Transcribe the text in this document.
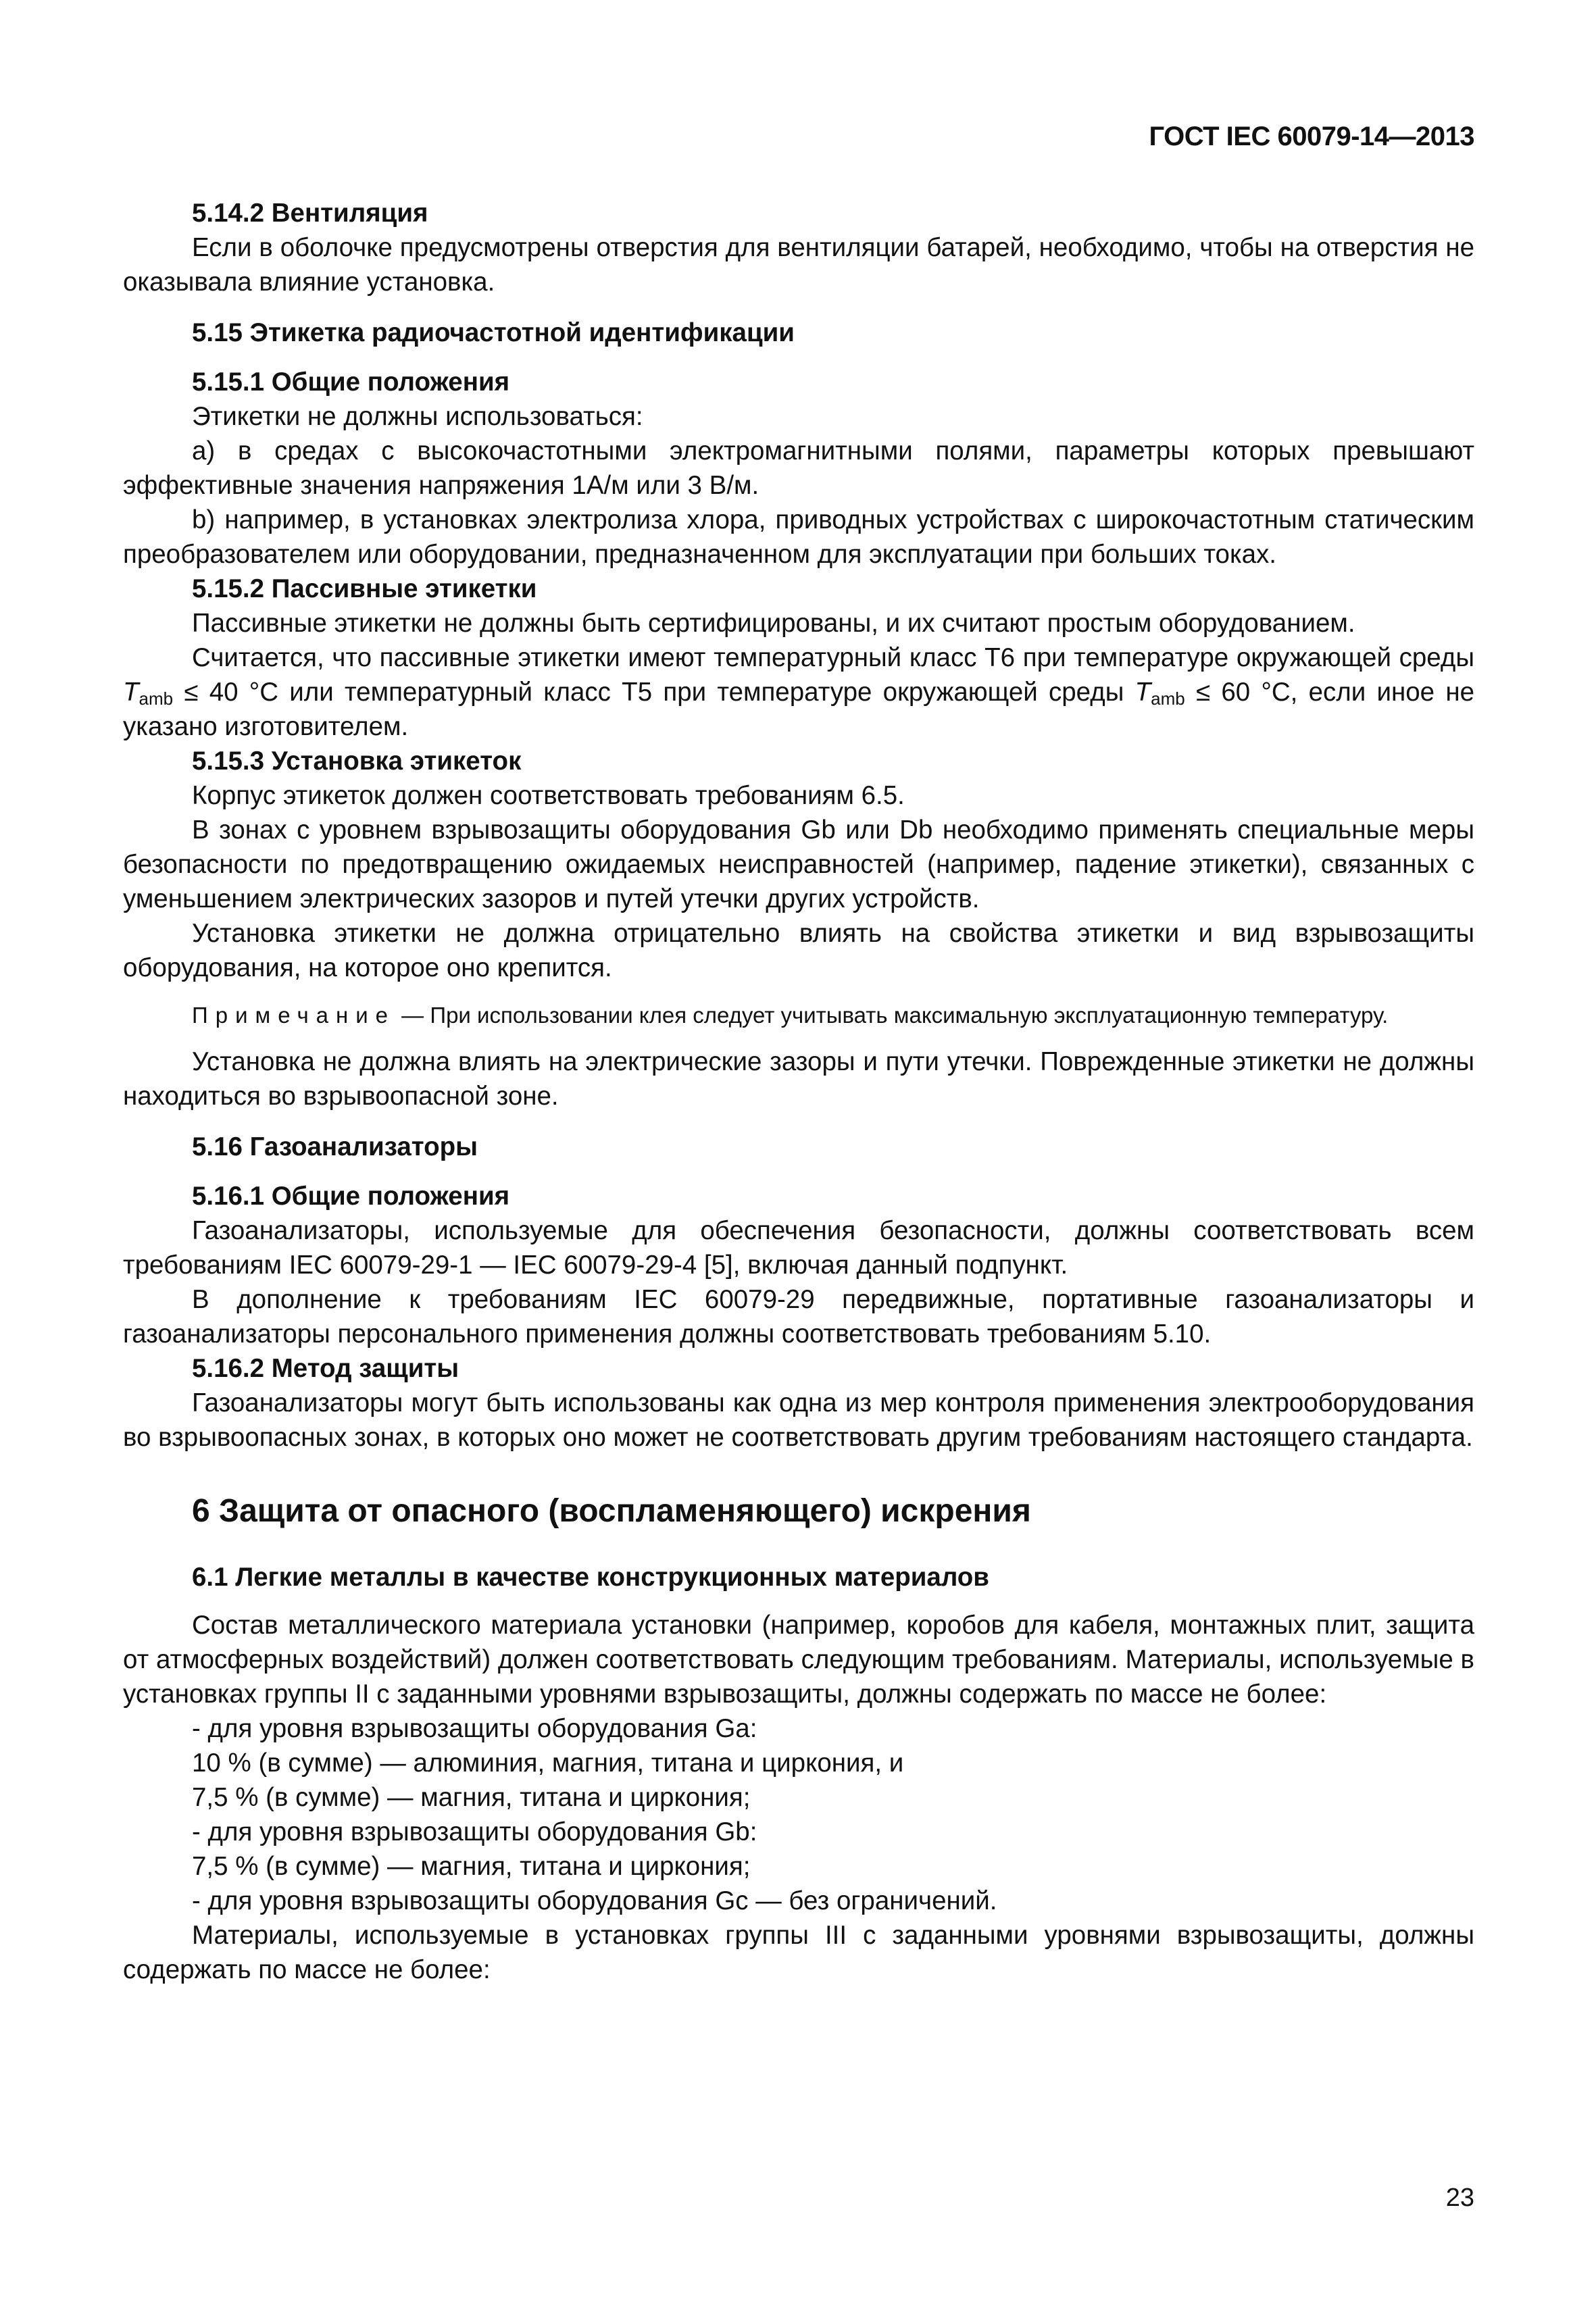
ГОСТ IEC 60079-14—2013

5.14.2 Вентиляция

Если в оболочке предусмотрены отверстия для вентиляции батарей, необходимо, чтобы на отверстия не оказывала влияние установка.

5.15 Этикетка радиочастотной идентификации

5.15.1 Общие положения

Этикетки не должны использоваться:

a) в средах с высокочастотными электромагнитными полями, параметры которых превышают эффективные значения напряжения 1А/м или 3 В/м.

b) например, в установках электролиза хлора, приводных устройствах с широкочастотным статическим преобразователем или оборудовании, предназначенном для эксплуатации при больших токах.

5.15.2 Пассивные этикетки

Пассивные этикетки не должны быть сертифицированы, и их считают простым оборудованием.

Считается, что пассивные этикетки имеют температурный класс Т6 при температуре окружающей среды $T_{amb} \le 40$ °С или температурный класс Т5 при температуре окружающей среды $T_{amb} \le 60$ °С, если иное не указано изготовителем.

5.15.3 Установка этикеток

Корпус этикеток должен соответствовать требованиям 6.5.

В зонах с уровнем взрывозащиты оборудования Gb или Db необходимо применять специальные меры безопасности по предотвращению ожидаемых неисправностей (например, падение этикетки), связанных с уменьшением электрических зазоров и путей утечки других устройств.

Установка этикетки не должна отрицательно влиять на свойства этикетки и вид взрывозащиты оборудования, на которое оно крепится.

Примечание — При использовании клея следует учитывать максимальную эксплуатационную температуру.

Установка не должна влиять на электрические зазоры и пути утечки. Поврежденные этикетки не должны находиться во взрывоопасной зоне.

5.16 Газоанализаторы

5.16.1 Общие положения

Газоанализаторы, используемые для обеспечения безопасности, должны соответствовать всем требованиям IEC 60079-29-1 — IEC 60079-29-4 [5], включая данный подпункт.

В дополнение к требованиям IEC 60079-29 передвижные, портативные газоанализаторы и газоанализаторы персонального применения должны соответствовать требованиям 5.10.

5.16.2 Метод защиты

Газоанализаторы могут быть использованы как одна из мер контроля применения электрооборудования во взрывоопасных зонах, в которых оно может не соответствовать другим требованиям настоящего стандарта.

6 Защита от опасного (воспламеняющего) искрения

6.1 Легкие металлы в качестве конструкционных материалов

Состав металлического материала установки (например, коробов для кабеля, монтажных плит, защита от атмосферных воздействий) должен соответствовать следующим требованиям. Материалы, используемые в установках группы II с заданными уровнями взрывозащиты, должны содержать по массе не более:

- для уровня взрывозащиты оборудования Ga:

10 % (в сумме) — алюминия, магния, титана и циркония, и

7,5 % (в сумме) — магния, титана и циркония;

- для уровня взрывозащиты оборудования Gb:

7,5 % (в сумме) — магния, титана и циркония;

- для уровня взрывозащиты оборудования Gc — без ограничений.

Материалы, используемые в установках группы III с заданными уровнями взрывозащиты, должны содержать по массе не более:

23
